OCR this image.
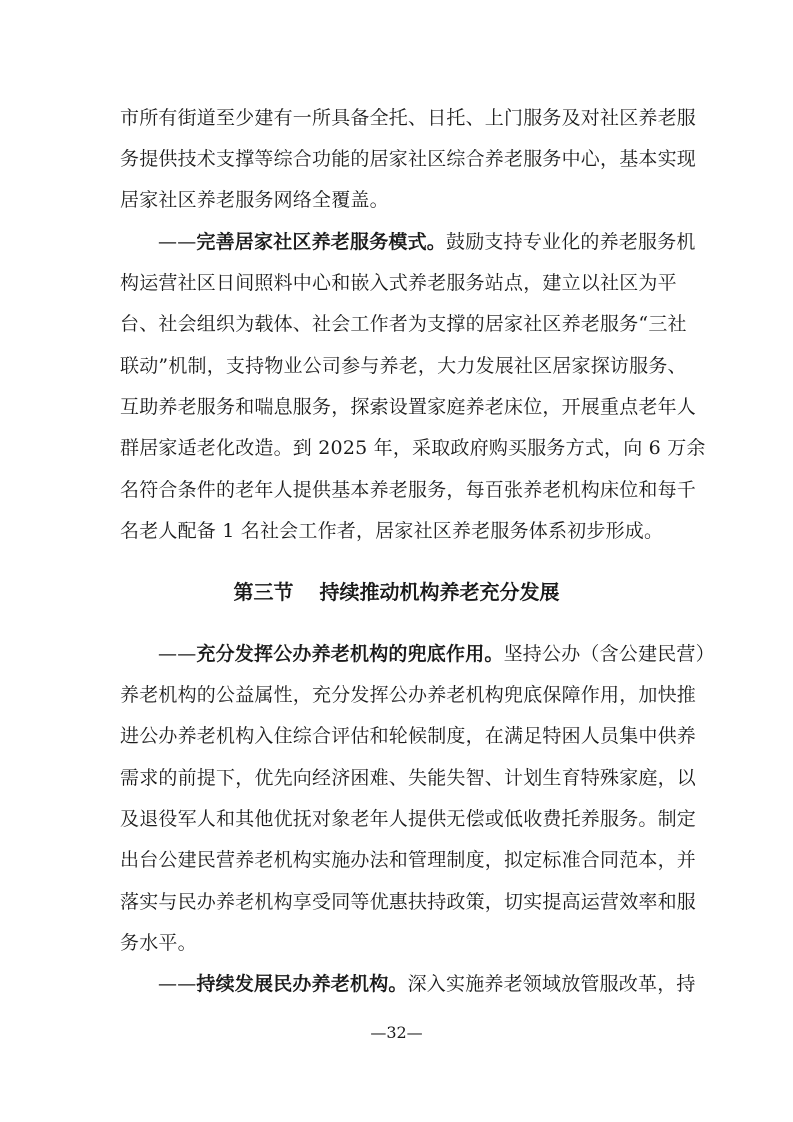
市所有街道至少建有一所具备全托、日托、上门服务及对社区养老服
务提供技术支撑等综合功能的居家社区综合养老服务中心，基本实现
居家社区养老服务网络全覆盖。
——完善居家社区养老服务模式。鼓励支持专业化的养老服务机
构运营社区日间照料中心和嵌入式养老服务站点，建立以社区为平
台、社会组织为载体、社会工作者为支撑的居家社区养老服务“三社
联动”机制，支持物业公司参与养老，大力发展社区居家探访服务、
互助养老服务和喘息服务，探索设置家庭养老床位，开展重点老年人
群居家适老化改造。到 2025 年，采取政府购买服务方式，向 6 万余
名符合条件的老年人提供基本养老服务，每百张养老机构床位和每千
名老人配备 1 名社会工作者，居家社区养老服务体系初步形成。
第三节 持续推动机构养老充分发展
——充分发挥公办养老机构的兜底作用。坚持公办（含公建民营）
养老机构的公益属性，充分发挥公办养老机构兜底保障作用，加快推
进公办养老机构入住综合评估和轮候制度，在满足特困人员集中供养
需求的前提下，优先向经济困难、失能失智、计划生育特殊家庭，以
及退役军人和其他优抚对象老年人提供无偿或低收费托养服务。制定
出台公建民营养老机构实施办法和管理制度，拟定标准合同范本，并
落实与民办养老机构享受同等优惠扶持政策，切实提高运营效率和服
务水平。
——持续发展民办养老机构。深入实施养老领域放管服改革，持
—32—
